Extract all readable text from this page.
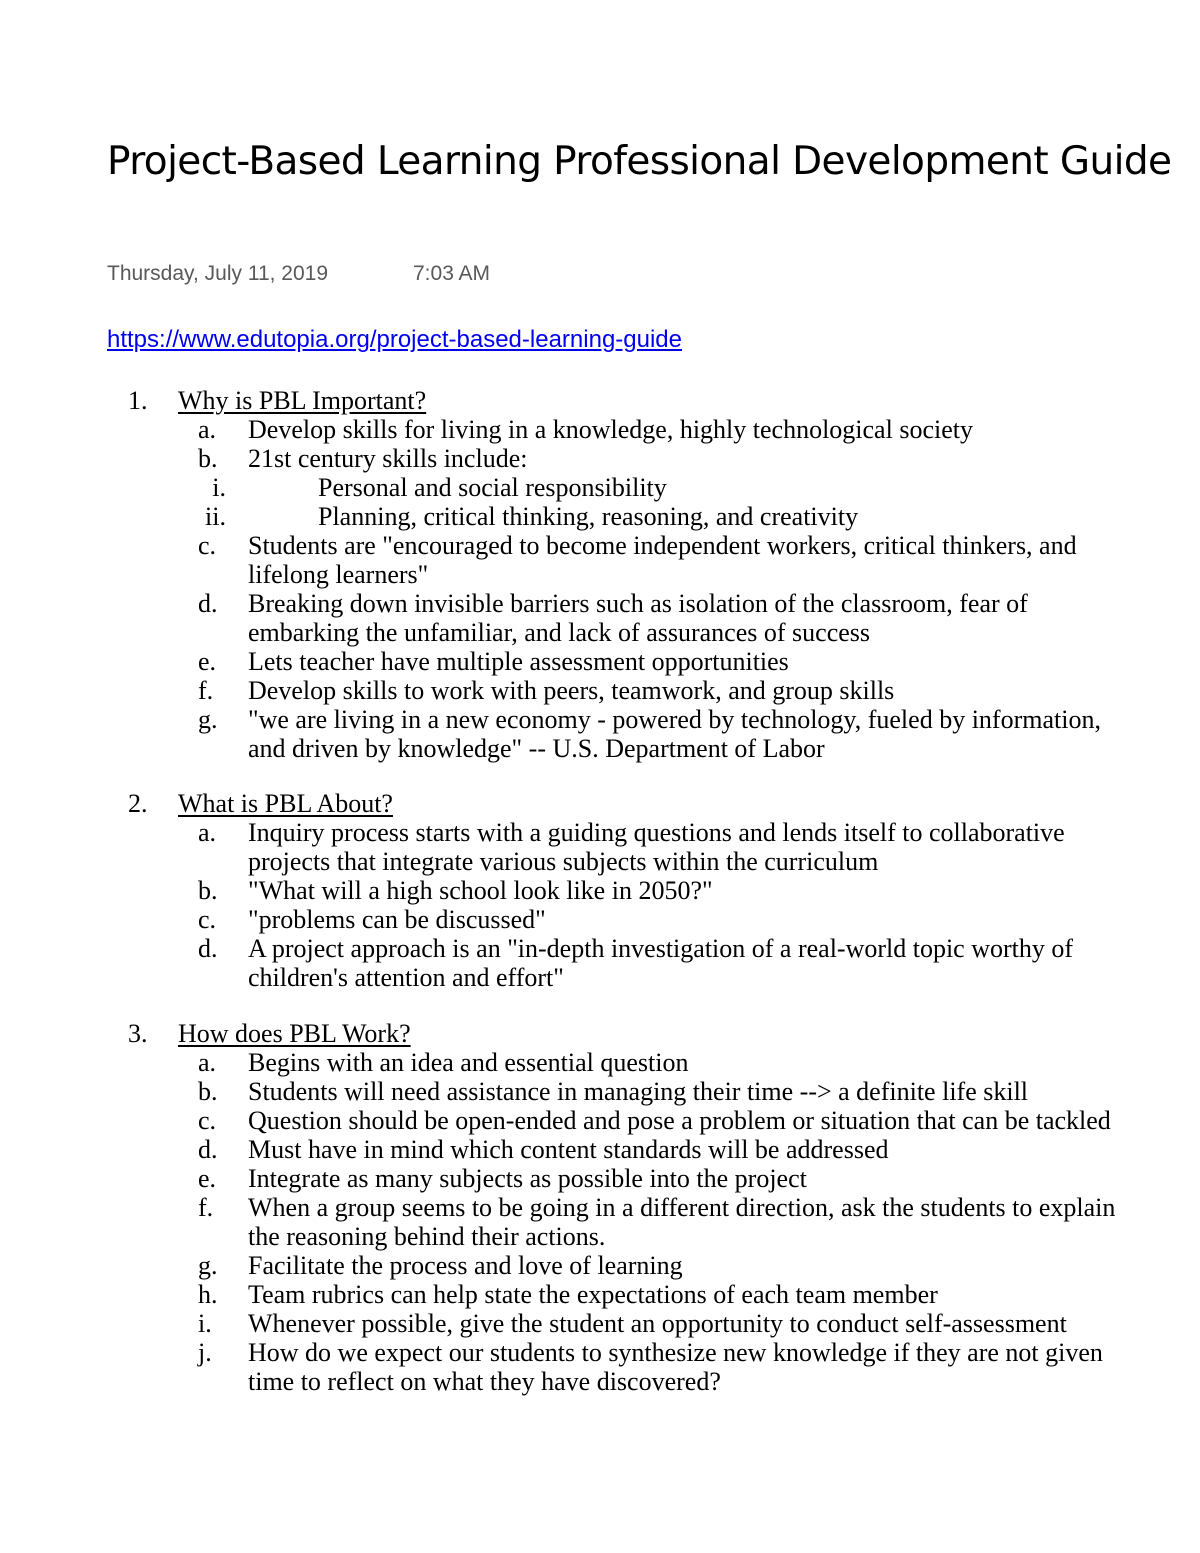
Project-Based Learning Professional Development Guide
Thursday, July 11, 2019	7:03 AM
https://www.edutopia.org/project-based-learning-guide
1. Why is PBL Important?
a. Develop skills for living in a knowledge, highly technological society
b. 21st century skills include:
i.	Personal and social responsibility
ii.	Planning, critical thinking, reasoning, and creativity
c. Students are "encouraged to become independent workers, critical thinkers, and lifelong learners"
d. Breaking down invisible barriers such as isolation of the classroom, fear of embarking the unfamiliar, and lack of assurances of success
e. Lets teacher have multiple assessment opportunities
f. Develop skills to work with peers, teamwork, and group skills
g. "we are living in a new economy - powered by technology, fueled by information, and driven by knowledge" -- U.S. Department of Labor
2. What is PBL About?
a. Inquiry process starts with a guiding questions and lends itself to collaborative projects that integrate various subjects within the curriculum
b. "What will a high school look like in 2050?"
c. "problems can be discussed"
d. A project approach is an "in-depth investigation of a real-world topic worthy of children's attention and effort"
3. How does PBL Work?
a. Begins with an idea and essential question
b. Students will need assistance in managing their time --> a definite life skill
c. Question should be open-ended and pose a problem or situation that can be tackled
d. Must have in mind which content standards will be addressed
e. Integrate as many subjects as possible into the project
f. When a group seems to be going in a different direction, ask the students to explain the reasoning behind their actions.
g. Facilitate the process and love of learning
h. Team rubrics can help state the expectations of each team member
i. Whenever possible, give the student an opportunity to conduct self-assessment
j. How do we expect our students to synthesize new knowledge if they are not given time to reflect on what they have discovered?
